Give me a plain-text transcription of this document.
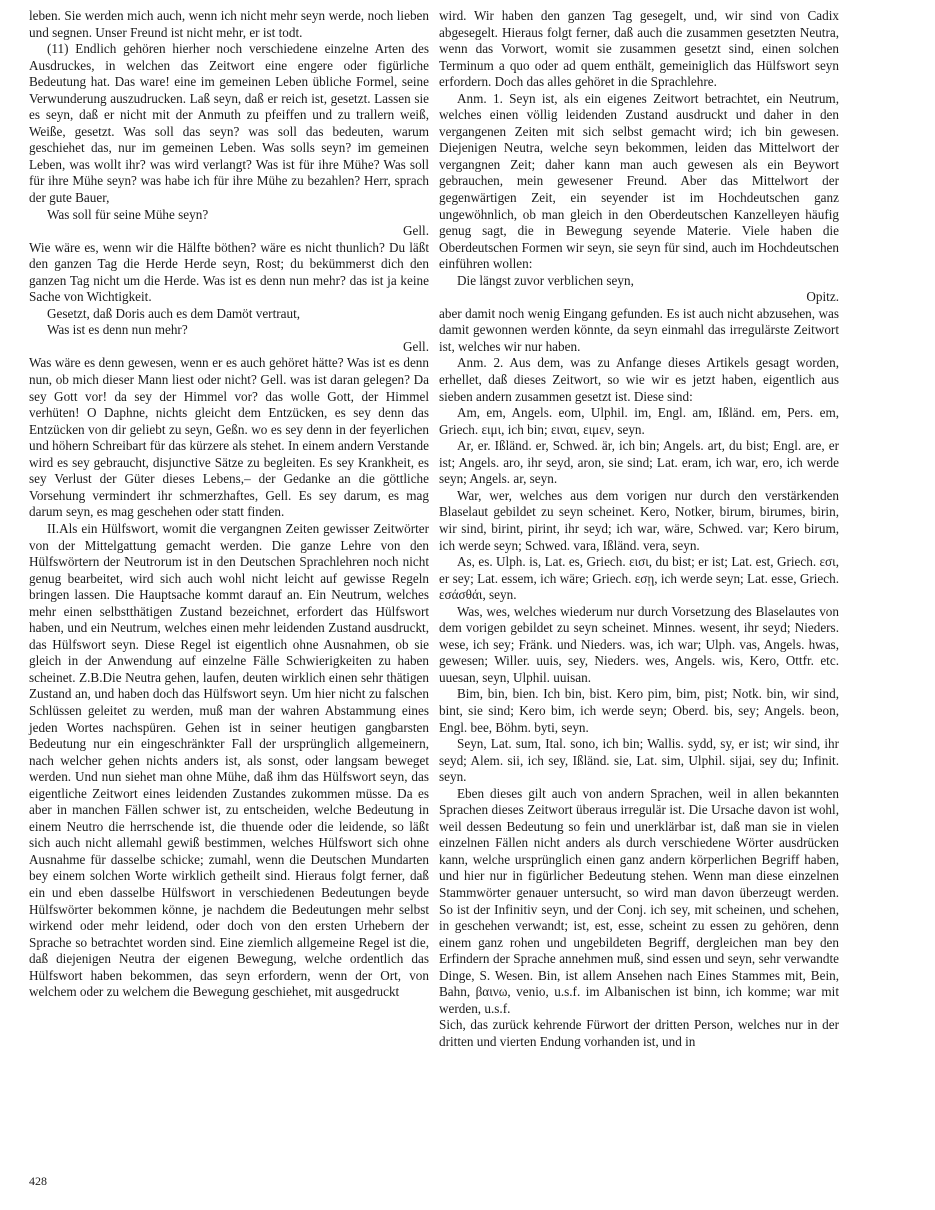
leben. Sie werden mich auch, wenn ich nicht mehr seyn werde, noch lieben und segnen. Unser Freund ist nicht mehr, er ist todt.

(11) Endlich gehören hierher noch verschiedene einzelne Arten des Ausdruckes, in welchen das Zeitwort eine engere oder figürliche Bedeutung hat. Das ware! eine im gemeinen Leben übliche Formel, seine Verwunderung auszudrucken. Laß seyn, daß er reich ist, gesetzt. Lassen sie es seyn, daß er nicht mit der Anmuth zu pfeiffen und zu trallern weiß, Weiße, gesetzt. Was soll das seyn? was soll das bedeuten, warum geschiehet das, nur im gemeinen Leben. Was solls seyn? im gemeinen Leben, was wollt ihr? was wird verlangt? Was ist für ihre Mühe? Was soll für ihre Mühe seyn? was habe ich für ihre Mühe zu bezahlen? Herr, sprach der gute Bauer,

Was soll für seine Mühe seyn?

Gell.

Wie wäre es, wenn wir die Hälfte böthen? wäre es nicht thunlich? Du läßt den ganzen Tag die Herde Herde seyn, Rost; du bekümmerst dich den ganzen Tag nicht um die Herde. Was ist es denn nun mehr? das ist ja keine Sache von Wichtigkeit.

Gesetzt, daß Doris auch es dem Damöt vertraut,

Was ist es denn nun mehr?

Gell.

Was wäre es denn gewesen, wenn er es auch gehöret hätte? Was ist es denn nun, ob mich dieser Mann liest oder nicht? Gell. was ist daran gelegen? Da sey Gott vor! da sey der Himmel vor? das wolle Gott, der Himmel verhüten! O Daphne, nichts gleicht dem Entzücken, es sey denn das Entzücken von dir geliebt zu seyn, Geßn. wo es sey denn in der feyerlichen und höhern Schreibart für das kürzere als stehet. In einem andern Verstande wird es sey gebraucht, disjunctive Sätze zu begleiten. Es sey Krankheit, es sey Verlust der Güter dieses Lebens,– der Gedanke an die göttliche Vorsehung vermindert ihr schmerzhaftes, Gell. Es sey darum, es mag darum seyn, es mag geschehen oder statt finden.

II.Als ein Hülfswort, womit die vergangnen Zeiten gewisser Zeitwörter von der Mittelgattung gemacht werden. Die ganze Lehre von den Hülfswörtern der Neutrorum ist in den Deutschen Sprachlehren noch nicht genug bearbeitet, wird sich auch wohl nicht leicht auf gewisse Regeln bringen lassen. Die Hauptsache kommt darauf an. Ein Neutrum, welches mehr einen selbstthätigen Zustand bezeichnet, erfordert das Hülfswort haben, und ein Neutrum, welches einen mehr leidenden Zustand ausdruckt, das Hülfswort seyn. Diese Regel ist eigentlich ohne Ausnahmen, ob sie gleich in der Anwendung auf einzelne Fälle Schwierigkeiten zu haben scheinet. Z.B.Die Neutra gehen, laufen, deuten wirklich einen sehr thätigen Zustand an, und haben doch das Hülfswort seyn. Um hier nicht zu falschen Schlüssen geleitet zu werden, muß man der wahren Abstammung eines jeden Wortes nachspüren. Gehen ist in seiner heutigen gangbarsten Bedeutung nur ein eingeschränkter Fall der ursprünglich allgemeinern, nach welcher gehen nichts anders ist, als sonst, oder langsam beweget werden. Und nun siehet man ohne Mühe, daß ihm das Hülfswort seyn, das eigentliche Zeitwort eines leidenden Zustandes zukommen müsse. Da es aber in manchen Fällen schwer ist, zu entscheiden, welche Bedeutung in einem Neutro die herrschende ist, die thuende oder die leidende, so läßt sich auch nicht allemahl gewiß bestimmen, welches Hülfswort sich ohne Ausnahme für dasselbe schicke; zumahl, wenn die Deutschen Mundarten bey einem solchen Worte wirklich getheilt sind. Hieraus folgt ferner, daß ein und eben dasselbe Hülfswort in verschiedenen Bedeutungen beyde Hülfswörter bekommen könne, je nachdem die Bedeutungen mehr selbst wirkend oder mehr leidend, oder doch von den ersten Urhebern der Sprache so betrachtet worden sind. Eine ziemlich allgemeine Regel ist die, daß diejenigen Neutra der eigenen Bewegung, welche ordentlich das Hülfswort haben bekommen, das seyn erfordern, wenn der Ort, von welchem oder zu welchem die Bewegung geschiehet, mit ausgedruckt

wird. Wir haben den ganzen Tag gesegelt, und, wir sind von Cadix abgesegelt. Hieraus folgt ferner, daß auch die zusammen gesetzten Neutra, wenn das Vorwort, womit sie zusammen gesetzt sind, einen solchen Terminum a quo oder ad quem enthält, gemeiniglich das Hülfswort seyn erfordern. Doch das alles gehöret in die Sprachlehre.

Anm. 1. Seyn ist, als ein eigenes Zeitwort betrachtet, ein Neutrum, welches einen völlig leidenden Zustand ausdruckt und daher in den vergangenen Zeiten mit sich selbst gemacht wird; ich bin gewesen. Diejenigen Neutra, welche seyn bekommen, leiden das Mittelwort der vergangnen Zeit; daher kann man auch gewesen als ein Beywort gebrauchen, mein gewesener Freund. Aber das Mittelwort der gegenwärtigen Zeit, ein seyender ist im Hochdeutschen ganz ungewöhnlich, ob man gleich in den Oberdeutschen Kanzelleyen häufig genug sagt, die in Bewegung seyende Materie. Viele haben die Oberdeutschen Formen wir seyn, sie seyn für sind, auch im Hochdeutschen einführen wollen:

Die längst zuvor verblichen seyn,

Opitz.

aber damit noch wenig Eingang gefunden. Es ist auch nicht abzusehen, was damit gewonnen werden könnte, da seyn einmahl das irregulärste Zeitwort ist, welches wir nur haben.

Anm. 2. Aus dem, was zu Anfange dieses Artikels gesagt worden, erhellet, daß dieses Zeitwort, so wie wir es jetzt haben, eigentlich aus sieben andern zusammen gesetzt ist. Diese sind:

Am, em, Angels. eom, Ulphil. im, Engl. am, Ißländ. em, Pers. em, Griech. ειμι, ich bin; ειναι, ειμεν, seyn.

Ar, er. Ißländ. er, Schwed. är, ich bin; Angels. art, du bist; Engl. are, er ist; Angels. aro, ihr seyd, aron, sie sind; Lat. eram, ich war, ero, ich werde seyn; Angels. ar, seyn.

War, wer, welches aus dem vorigen nur durch den verstärkenden Blaselaut gebildet zu seyn scheinet. Kero, Notker, birum, birumes, birin, wir sind, birint, pirint, ihr seyd; ich war, wäre, Schwed. var; Kero birum, ich werde seyn; Schwed. vara, Ißländ. vera, seyn.

As, es. Ulph. is, Lat. es, Griech. εισι, du bist; er ist; Lat. est, Griech. εσι, er sey; Lat. essem, ich wäre; Griech. εσῃ, ich werde seyn; Lat. esse, Griech. εσάσθάι, seyn.

Was, wes, welches wiederum nur durch Vorsetzung des Blaselautes von dem vorigen gebildet zu seyn scheinet. Minnes. wesent, ihr seyd; Nieders. wese, ich sey; Fränk. und Nieders. was, ich war; Ulph. vas, Angels. hwas, gewesen; Willer. uuis, sey, Nieders. wes, Angels. wis, Kero, Ottfr. etc. uuesan, seyn, Ulphil. uuisan.

Bim, bin, bien. Ich bin, bist. Kero pim, bim, pist; Notk. bin, wir sind, bint, sie sind; Kero bim, ich werde seyn; Oberd. bis, sey; Angels. beon, Engl. bee, Böhm. byti, seyn.

Seyn, Lat. sum, Ital. sono, ich bin; Wallis. sydd, sy, er ist; wir sind, ihr seyd; Alem. sii, ich sey, Ißländ. sie, Lat. sim, Ulphil. sijai, sey du; Infinit. seyn.

Eben dieses gilt auch von andern Sprachen, weil in allen bekannten Sprachen dieses Zeitwort überaus irregulär ist. Die Ursache davon ist wohl, weil dessen Bedeutung so fein und unerklärbar ist, daß man sie in vielen einzelnen Fällen nicht anders als durch verschiedene Wörter ausdrücken kann, welche ursprünglich einen ganz andern körperlichen Begriff haben, und hier nur in figürlicher Bedeutung stehen. Wenn man diese einzelnen Stammwörter genauer untersucht, so wird man davon überzeugt werden. So ist der Infinitiv seyn, und der Conj. ich sey, mit scheinen, und schehen, in geschehen verwandt; ist, est, esse, scheint zu essen zu gehören, denn einem ganz rohen und ungebildeten Begriff, dergleichen man bey den Erfindern der Sprache annehmen muß, sind essen und seyn, sehr verwandte Dinge, S. Wesen. Bin, ist allem Ansehen nach Eines Stammes mit, Bein, Bahn, βαινω, venio, u.s.f. im Albanischen ist binn, ich komme; war mit werden, u.s.f.

Sich, das zurück kehrende Fürwort der dritten Person, welches nur in der dritten und vierten Endung vorhanden ist, und in

428
